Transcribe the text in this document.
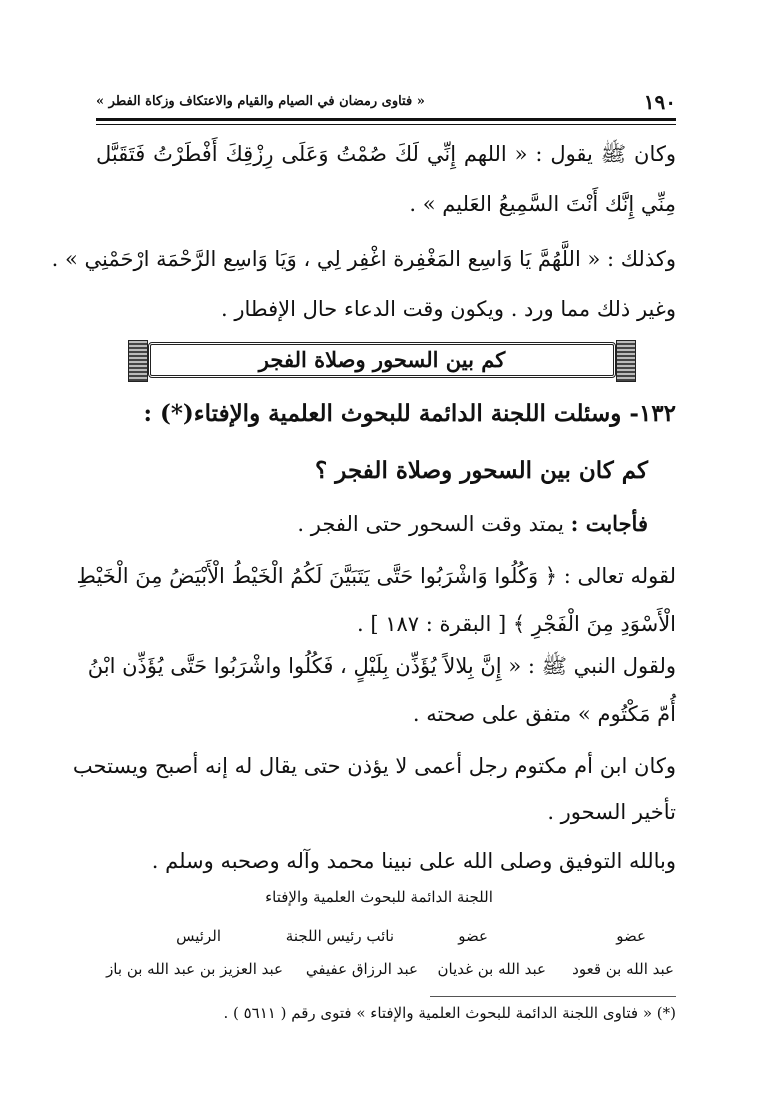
١٩٠
« فتاوى رمضان في الصيام والقيام والاعتكاف وزكاة الفطر »
وكان ﷺ يقول : « اللهم إِنِّي لَكَ صُمْتُ وَعَلَى رِزْقِكَ أَفْطَرْتُ فَتَقَبَّل
مِنِّي إِنَّك أَنْتَ السَّمِيعُ العَليم » .
وكذلك : « اللَّهُمَّ يَا وَاسِع المَغْفِرة اغْفِر لِي ، وَيَا وَاسِع الرَّحْمَة ارْحَمْنِي » .
وغير ذلك مما ورد . ويكون وقت الدعاء حال الإفطار .
كم بين السحور وصلاة الفجر
١٣٢- وسئلت اللجنة الدائمة للبحوث العلمية والإفتاء(*) :
كم كان بين السحور وصلاة الفجر ؟
فأجابت : يمتد وقت السحور حتى الفجر .
لقوله تعالى : ﴿ وَكُلُوا وَاشْرَبُوا حَتَّى يَتَبَيَّنَ لَكُمُ الْخَيْطُ الْأَبْيَضُ مِنَ الْخَيْطِ
الْأَسْوَدِ مِنَ الْفَجْرِ ﴾ [ البقرة : ١٨٧ ] .
ولقول النبي ﷺ : « إِنَّ بِلالاً يُؤَذِّن بِلَيْلٍ ، فَكُلُوا واشْرَبُوا حَتَّى يُؤَذِّن ابْنُ
أُمّ مَكْتُوم » متفق على صحته .
وكان ابن أم مكتوم رجل أعمى لا يؤذن حتى يقال له إنه أصبح ويستحب
تأخير السحور .
وبالله التوفيق وصلى الله على نبينا محمد وآله وصحبه وسلم .
اللجنة الدائمة للبحوث العلمية والإفتاء
عضو
عضو
نائب رئيس اللجنة
الرئيس
عبد الله بن قعود
عبد الله بن غديان
عبد الرزاق عفيفي
عبد العزيز بن عبد الله بن باز
(*) « فتاوى اللجنة الدائمة للبحوث العلمية والإفتاء » فتوى رقم ( ٥٦١١ ) .
